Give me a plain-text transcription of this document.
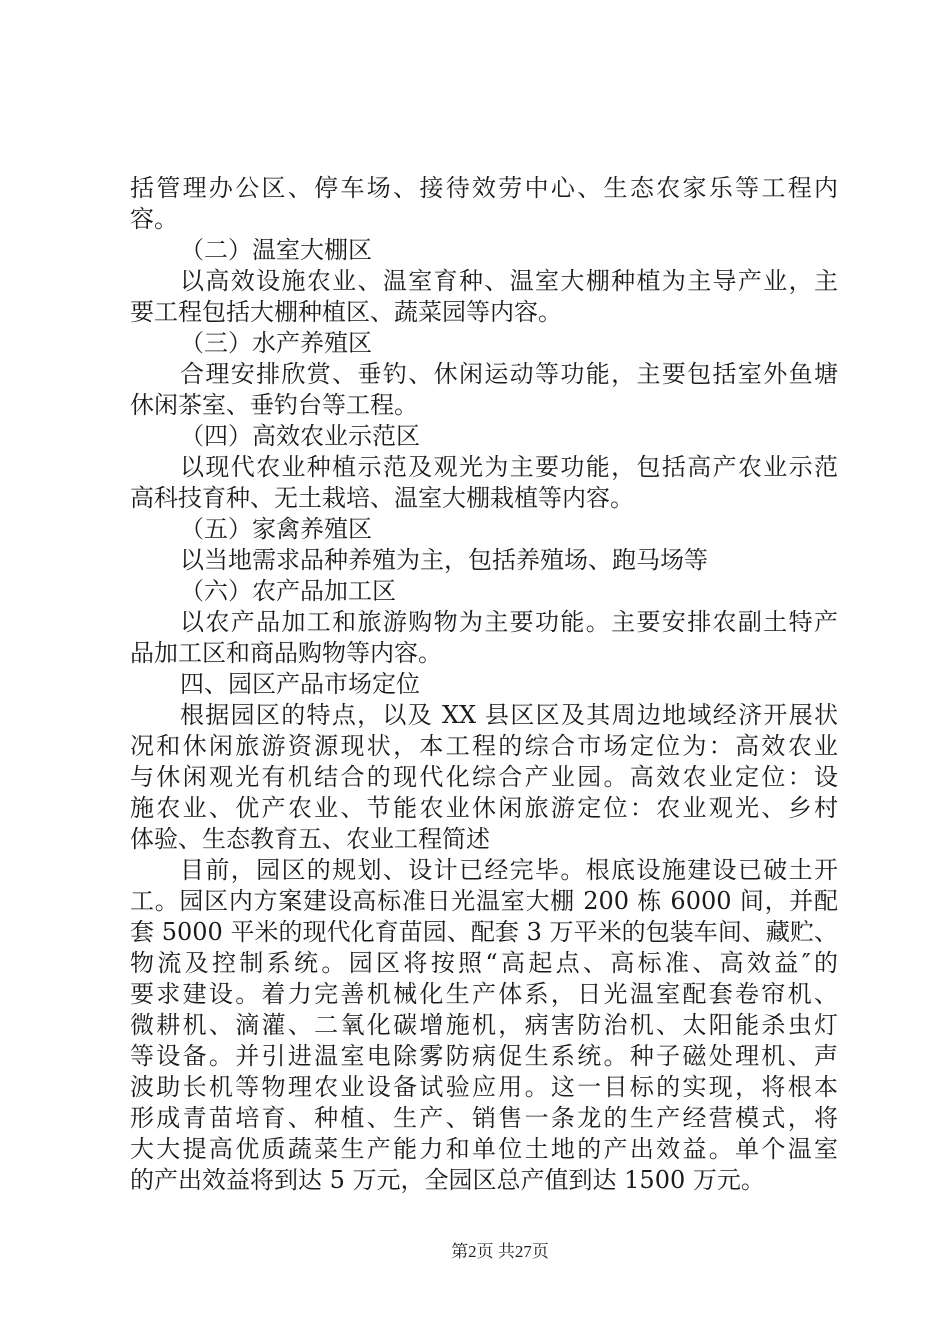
括管理办公区、停车场、接待效劳中心、生态农家乐等工程内
容。
（二）温室大棚区
以高效设施农业、温室育种、温室大棚种植为主导产业，主
要工程包括大棚种植区、蔬菜园等内容。
（三）水产养殖区
合理安排欣赏、垂钓、休闲运动等功能，主要包括室外鱼塘
休闲茶室、垂钓台等工程。
（四）高效农业示范区
以现代农业种植示范及观光为主要功能，包括高产农业示范
高科技育种、无土栽培、温室大棚栽植等内容。
（五）家禽养殖区
以当地需求品种养殖为主，包括养殖场、跑马场等
（六）农产品加工区
以农产品加工和旅游购物为主要功能。主要安排农副土特产
品加工区和商品购物等内容。
四、园区产品市场定位
根据园区的特点，以及 XX 县区区及其周边地域经济开展状
况和休闲旅游资源现状，本工程的综合市场定位为：高效农业
与休闲观光有机结合的现代化综合产业园。高效农业定位：设
施农业、优产农业、节能农业休闲旅游定位：农业观光、乡村
体验、生态教育五、农业工程简述
目前，园区的规划、设计已经完毕。根底设施建设已破土开
工。园区内方案建设高标准日光温室大棚 200 栋 6000 间，并配
套 5000 平米的现代化育苗园、配套 3 万平米的包装车间、藏贮、
物流及控制系统。园区将按照“高起点、高标准、高效益″的
要求建设。着力完善机械化生产体系，日光温室配套卷帘机、
微耕机、滴灌、二氧化碳增施机，病害防治机、太阳能杀虫灯
等设备。并引进温室电除雾防病促生系统。种子磁处理机、声
波助长机等物理农业设备试验应用。这一目标的实现，将根本
形成青苗培育、种植、生产、销售一条龙的生产经营模式，将
大大提高优质蔬菜生产能力和单位土地的产出效益。单个温室
的产出效益将到达 5 万元，全园区总产值到达 1500 万元。
第2页 共27页
